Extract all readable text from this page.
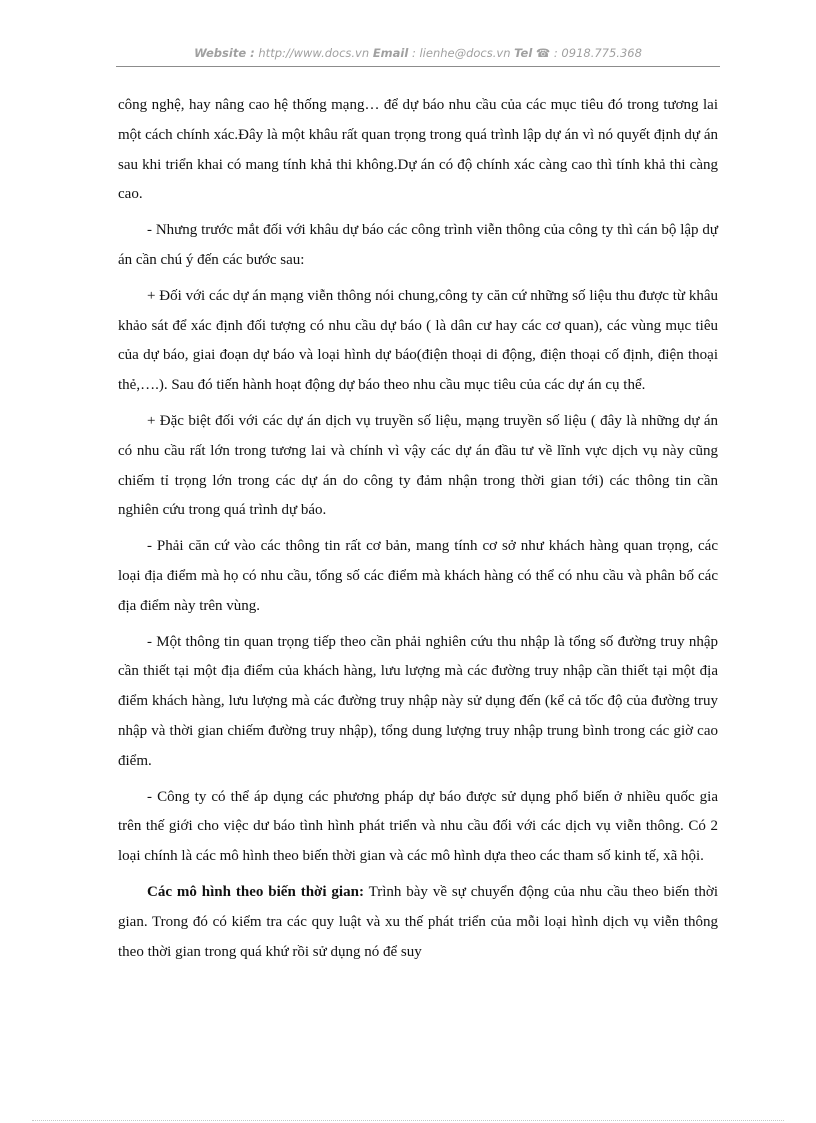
Website : http://www.docs.vn Email : lienhe@docs.vn Tel ☎ : 0918.775.368

công nghệ, hay nâng cao hệ thống mạng… để dự báo nhu cầu của các mục tiêu đó trong tương lai một cách chính xác.Đây là một khâu rất quan trọng trong quá trình lập dự án vì nó quyết định dự án sau khi triển khai có mang tính khả thi không.Dự án có độ chính xác càng cao thì tính khả thi càng cao.

- Nhưng trước mắt đối với khâu dự báo các công trình viễn thông của công ty thì cán bộ lập dự án cần chú ý đến các bước sau:

+ Đối với các dự án mạng viễn thông nói chung,công ty căn cứ những số liệu thu được từ khâu khảo sát để xác định đối tượng có nhu cầu dự báo ( là dân cư hay các cơ quan), các vùng mục tiêu của dự báo, giai đoạn dự báo và loại hình dự báo(điện thoại di động, điện thoại cố định, điện thoại thẻ,….). Sau đó tiến hành hoạt động dự báo theo nhu cầu mục tiêu của các dự án cụ thể.

+ Đặc biệt đối với các dự án dịch vụ truyền số liệu, mạng truyền số liệu ( đây là những dự án có nhu cầu rất lớn trong tương lai và chính vì vậy các dự án đầu tư về lĩnh vực dịch vụ này cũng chiếm tỉ trọng lớn trong các dự án do công ty đảm nhận trong thời gian tới) các thông tin cần nghiên cứu trong quá trình dự báo.

- Phải căn cứ vào các thông tin rất cơ bản, mang tính cơ sở như khách hàng quan trọng, các loại địa điểm mà họ có nhu cầu, tổng số các điểm mà khách hàng có thể có nhu cầu và phân bố các địa điểm này trên vùng.

- Một thông tin quan trọng tiếp theo cần phải nghiên cứu thu nhập là tổng số đường truy nhập cần thiết tại một địa điểm của khách hàng, lưu lượng mà các đường truy nhập cần thiết tại một địa điểm khách hàng, lưu lượng mà các đường truy nhập này sử dụng đến (kể cả tốc độ của đường truy nhập và thời gian chiếm đường truy nhập), tổng dung lượng truy nhập trung bình trong các giờ cao điểm.

- Công ty có thể áp dụng các phương pháp dự báo được sử dụng phổ biến ở nhiều quốc gia trên thế giới cho việc dư báo tình hình phát triển và nhu cầu đối với các dịch vụ viễn thông. Có 2 loại chính là các mô hình theo biến thời gian và các mô hình dựa theo các tham số kinh tế, xã hội.

Các mô hình theo biến thời gian: Trình bày về sự chuyển động của nhu cầu theo biến thời gian. Trong đó có kiểm tra các quy luật và xu thế phát triển của mỗi loại hình dịch vụ viễn thông theo thời gian trong quá khứ rồi sử dụng nó để suy
